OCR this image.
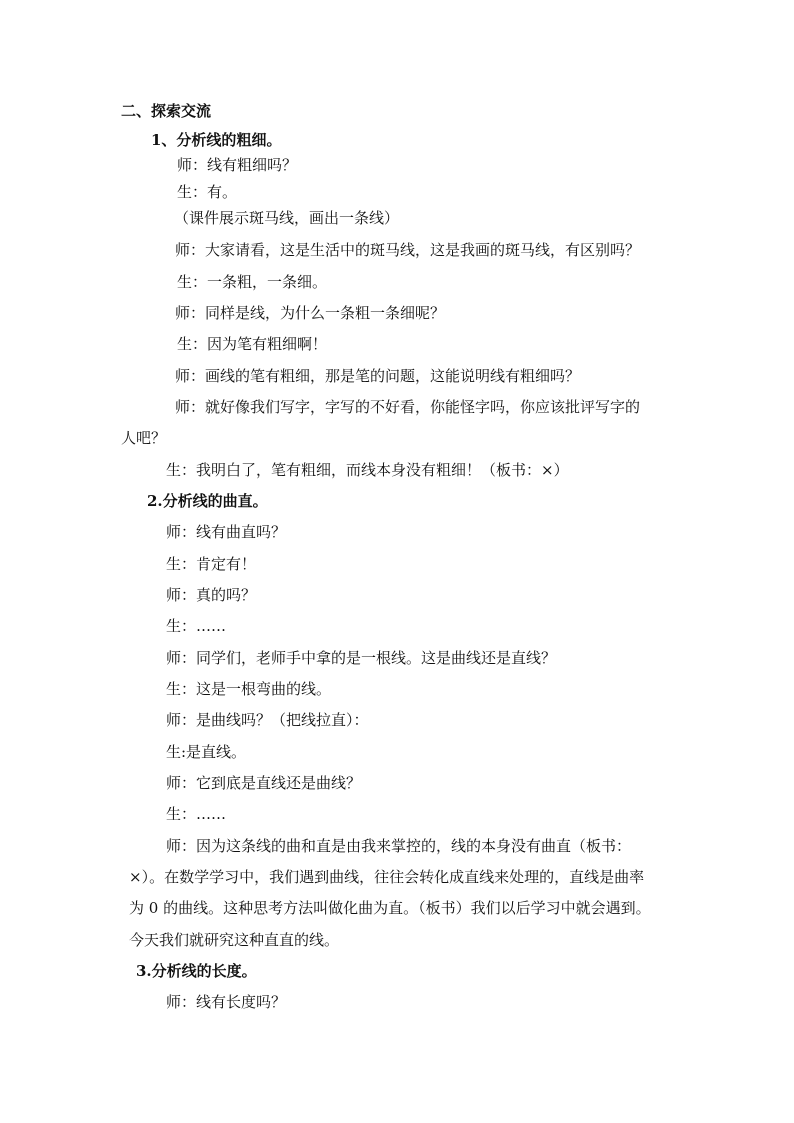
二、探索交流
1、分析线的粗细。
师：线有粗细吗？
生：有。
（课件展示斑马线，画出一条线）
师：大家请看，这是生活中的斑马线，这是我画的斑马线，有区别吗？
生：一条粗，一条细。
师：同样是线，为什么一条粗一条细呢？
生：因为笔有粗细啊！
师：画线的笔有粗细，那是笔的问题，这能说明线有粗细吗？
师：就好像我们写字，字写的不好看，你能怪字吗，你应该批评写字的
人吧？
生：我明白了，笔有粗细，而线本身没有粗细！（板书：×）
2.分析线的曲直。
师：线有曲直吗？
生：肯定有！
师：真的吗？
生：……
师：同学们，老师手中拿的是一根线。这是曲线还是直线？
生：这是一根弯曲的线。
师：是曲线吗？（把线拉直）：
生:是直线。
师：它到底是直线还是曲线？
生：……
师：因为这条线的曲和直是由我来掌控的，线的本身没有曲直（板书：
×）。在数学学习中，我们遇到曲线，往往会转化成直线来处理的，直线是曲率
为 0 的曲线。这种思考方法叫做化曲为直。（板书）我们以后学习中就会遇到。
今天我们就研究这种直直的线。
3.分析线的长度。
师：线有长度吗？
